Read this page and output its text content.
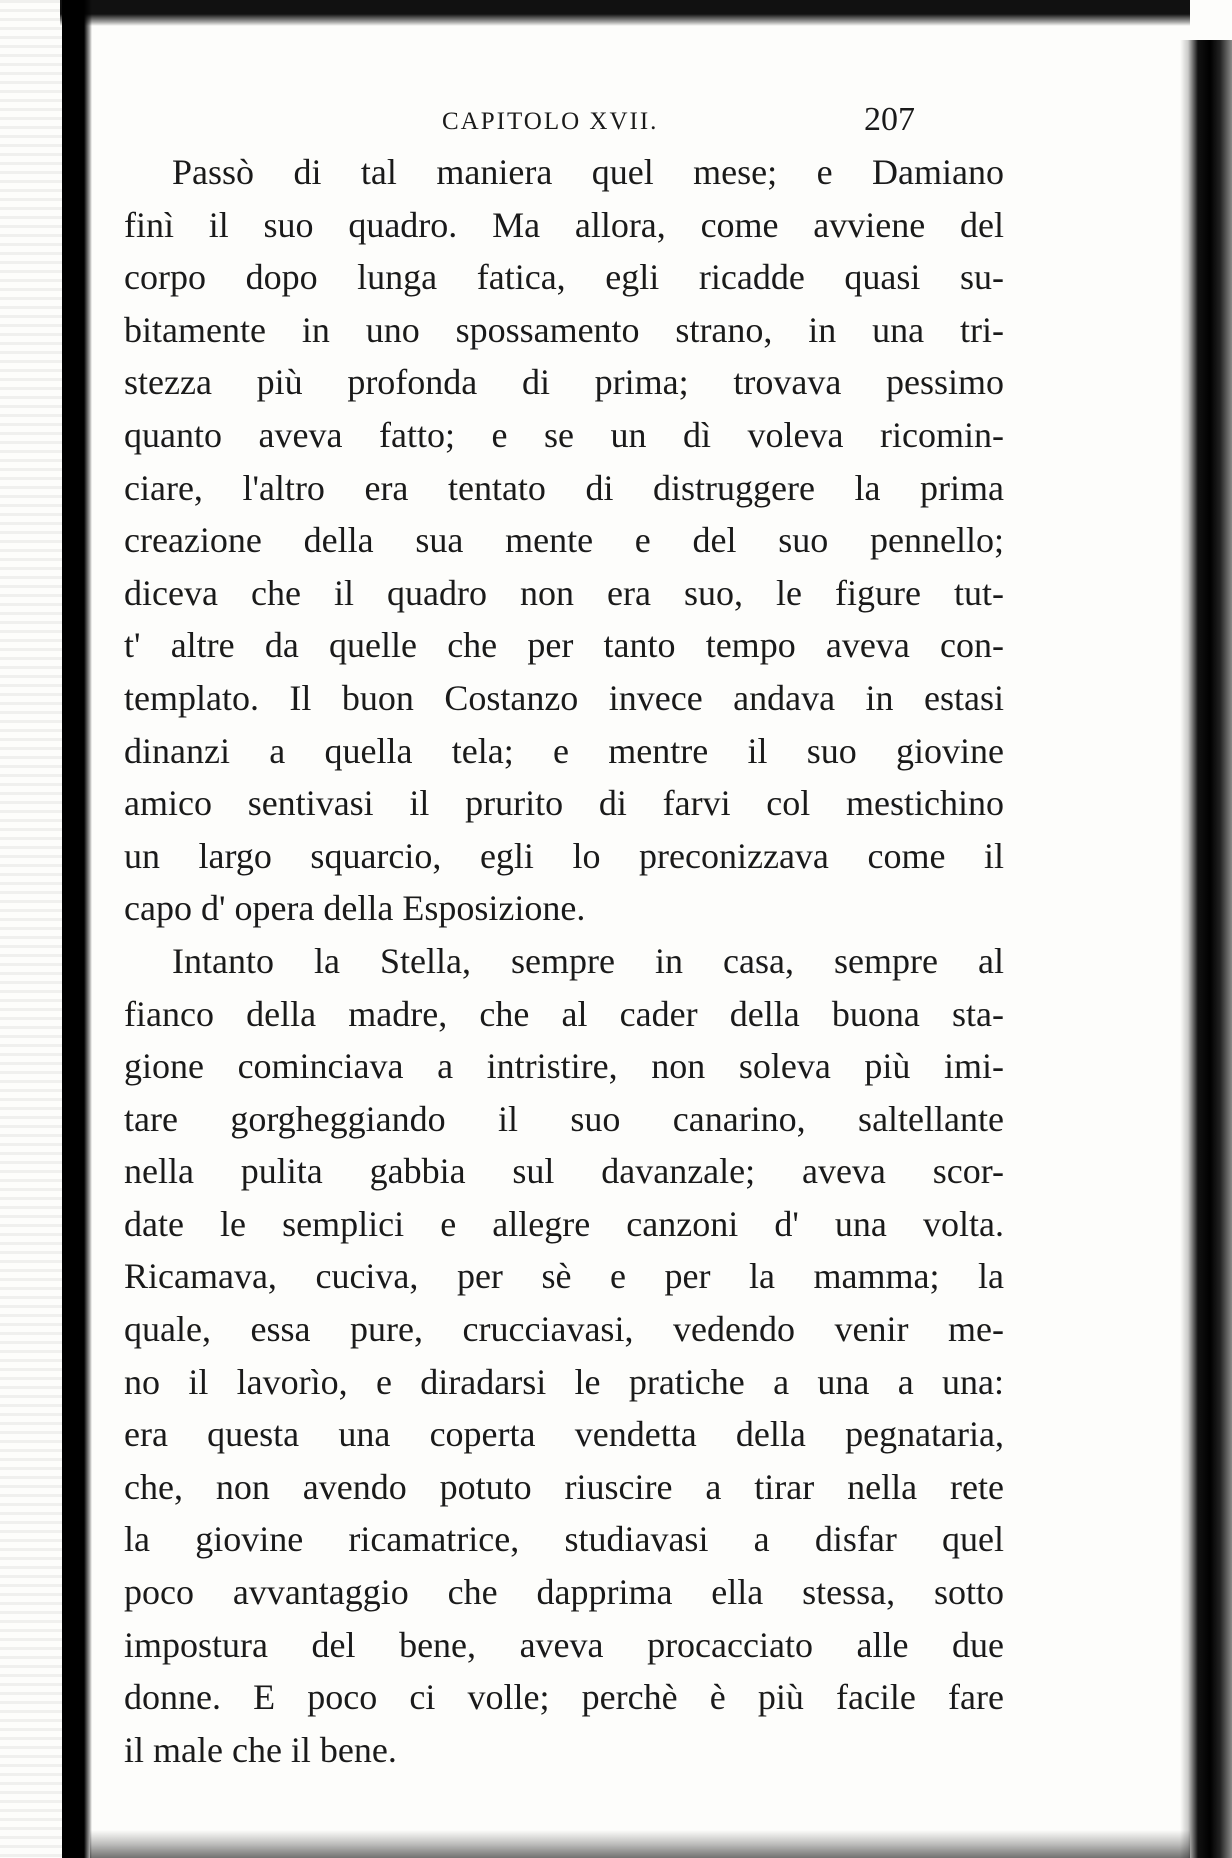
CAPITOLO XVII.	207

Passò di tal maniera quel mese; e Damiano
finì il suo quadro. Ma allora, come avviene del
corpo dopo lunga fatica, egli ricadde quasi su-
bitamente in uno spossamento strano, in una tri-
stezza più profonda di prima; trovava pessimo
quanto aveva fatto; e se un dì voleva ricomin-
ciare, l'altro era tentato di distruggere la prima
creazione della sua mente e del suo pennello;
diceva che il quadro non era suo, le figure tut-
t' altre da quelle che per tanto tempo aveva con-
templato. Il buon Costanzo invece andava in estasi
dinanzi a quella tela; e mentre il suo giovine
amico sentivasi il prurito di farvi col mestichino
un largo squarcio, egli lo preconizzava come il
capo d' opera della Esposizione.

Intanto la Stella, sempre in casa, sempre al
fianco della madre, che al cader della buona sta-
gione cominciava a intristire, non soleva più imi-
tare gorgheggiando il suo canarino, saltellante
nella pulita gabbia sul davanzale; aveva scor-
date le semplici e allegre canzoni d' una volta.
Ricamava, cuciva, per sè e per la mamma; la
quale, essa pure, crucciavasi, vedendo venir me-
no il lavorìo, e diradarsi le pratiche a una a una:
era questa una coperta vendetta della pegnataria,
che, non avendo potuto riuscire a tirar nella rete
la giovine ricamatrice, studiavasi a disfar quel
poco avvantaggio che dapprima ella stessa, sotto
impostura del bene, aveva procacciato alle due
donne. E poco ci volle; perchè è più facile fare
il male che il bene.
